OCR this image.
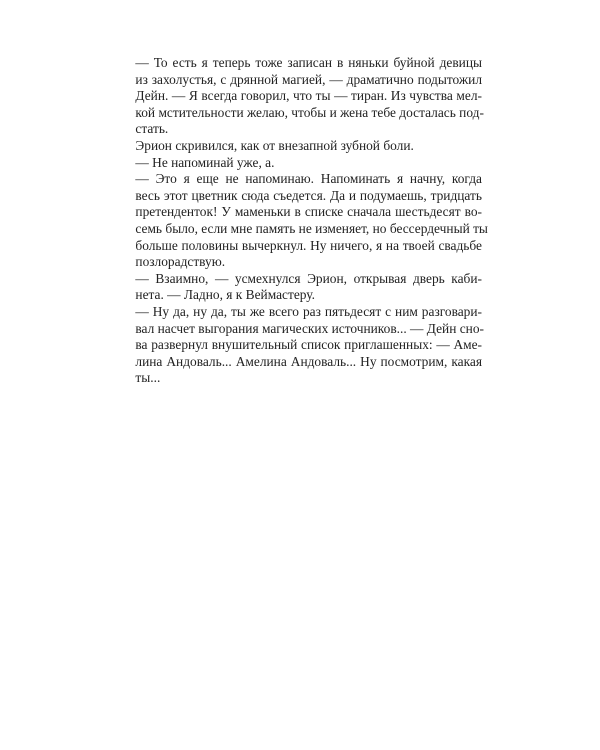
— То есть я теперь тоже записан в няньки буйной девицы
из захолустья, с дрянной магией, — драматично подытожил
Дейн. — Я всегда говорил, что ты — тиран. Из чувства мел-
кой мстительности желаю, чтобы и жена тебе досталась под-
стать.

Эрион скривился, как от внезапной зубной боли.

— Не напоминай уже, а.

— Это я еще не напоминаю. Напоминать я начну, когда
весь этот цветник сюда съедется. Да и подумаешь, тридцать
претенденток! У маменьки в списке сначала шестьдесят во-
семь было, если мне память не изменяет, но бессердечный ты
больше половины вычеркнул. Ну ничего, я на твоей свадьбе
позлорадствую.

— Взаимно, — усмехнулся Эрион, открывая дверь каби-
нета. — Ладно, я к Веймастеру.

— Ну да, ну да, ты же всего раз пятьдесят с ним разговари-
вал насчет выгорания магических источников... — Дейн сно-
ва развернул внушительный список приглашенных: — Аме-
лина Андоваль... Амелина Андоваль... Ну посмотрим, какая
ты...
